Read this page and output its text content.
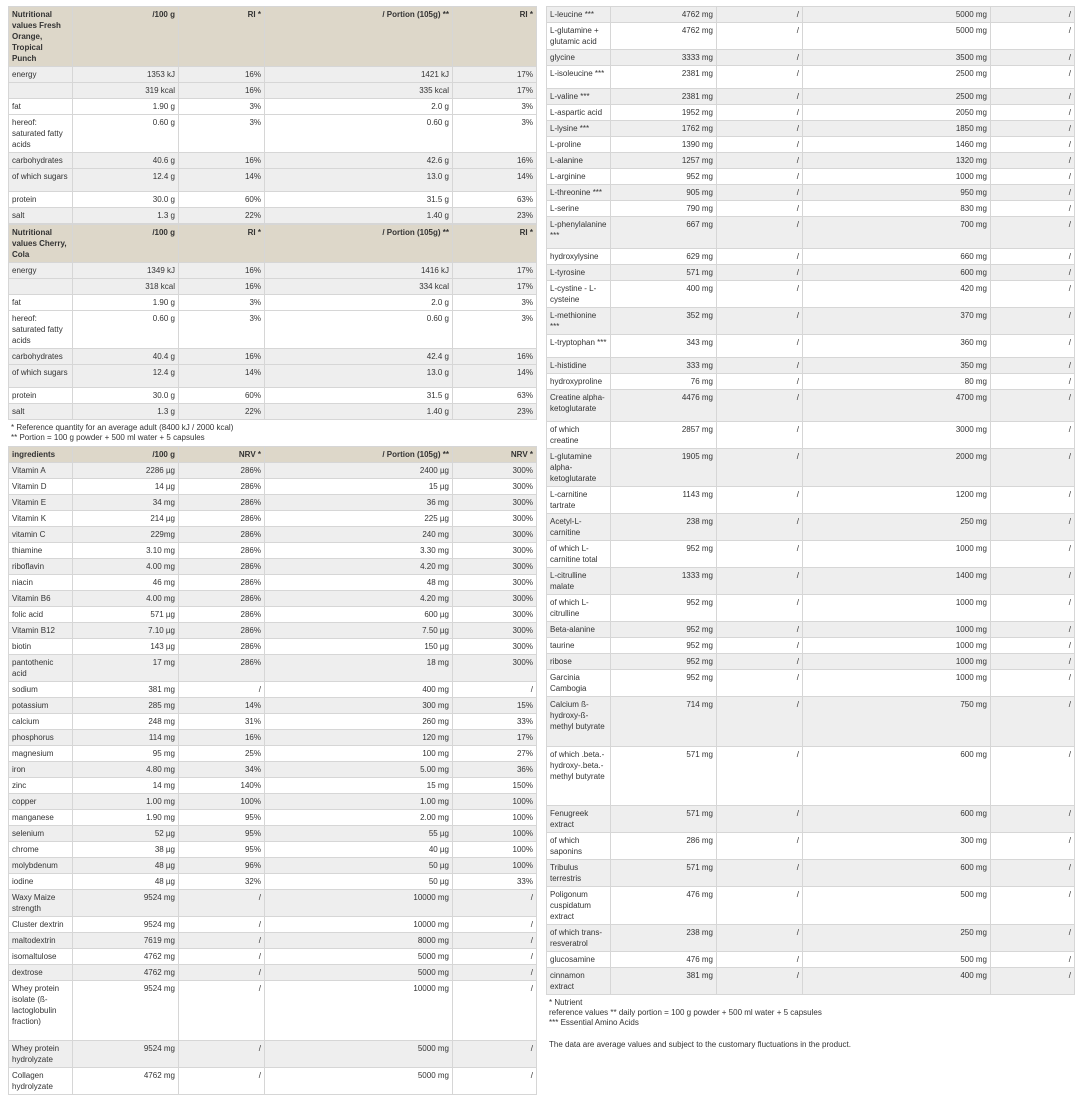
Nutritional values Fresh Orange, Tropical Punch	/100 g	RI *	/ Portion (105g) **	RI *
energy	1353 kJ	16%	1421 kJ	17%
	319 kcal	16%	335 kcal	17%
fat	1.90 g	3%	2.0 g	3%
hereof: saturated fatty acids	0.60 g	3%	0.60 g	3%
carbohydrates	40.6 g	16%	42.6 g	16%
of which sugars	12.4 g	14%	13.0 g	14%
protein	30.0 g	60%	31.5 g	63%
salt	1.3 g	22%	1.40 g	23%
Nutritional values Cherry, Cola	/100 g	RI *	/ Portion (105g) **	RI *
energy	1349 kJ	16%	1416 kJ	17%
	318 kcal	16%	334 kcal	17%
fat	1.90 g	3%	2.0 g	3%
hereof: saturated fatty acids	0.60 g	3%	0.60 g	3%
carbohydrates	40.4 g	16%	42.4 g	16%
of which sugars	12.4 g	14%	13.0 g	14%
protein	30.0 g	60%	31.5 g	63%
salt	1.3 g	22%	1.40 g	23%
* Reference quantity for an average adult (8400 kJ / 2000 kcal)
** Portion = 100 g powder + 500 ml water + 5 capsules
ingredients	/100 g	NRV *	/ Portion (105g) **	NRV *
Vitamin A	2286 µg	286%	2400 µg	300%
Vitamin D	14 µg	286%	15 µg	300%
Vitamin E	34 mg	286%	36 mg	300%
Vitamin K	214 µg	286%	225 µg	300%
vitamin C	229mg	286%	240 mg	300%
thiamine	3.10 mg	286%	3.30 mg	300%
riboflavin	4.00 mg	286%	4.20 mg	300%
niacin	46 mg	286%	48 mg	300%
Vitamin B6	4.00 mg	286%	4.20 mg	300%
folic acid	571 µg	286%	600 µg	300%
Vitamin B12	7.10 µg	286%	7.50 µg	300%
biotin	143 µg	286%	150 µg	300%
pantothenic acid	17 mg	286%	18 mg	300%
sodium	381 mg	/	400 mg	/
potassium	285 mg	14%	300 mg	15%
calcium	248 mg	31%	260 mg	33%
phosphorus	114 mg	16%	120 mg	17%
magnesium	95 mg	25%	100 mg	27%
iron	4.80 mg	34%	5.00 mg	36%
zinc	14 mg	140%	15 mg	150%
copper	1.00 mg	100%	1.00 mg	100%
manganese	1.90 mg	95%	2.00 mg	100%
selenium	52 µg	95%	55 µg	100%
chrome	38 µg	95%	40 µg	100%
molybdenum	48 µg	96%	50 µg	100%
iodine	48 µg	32%	50 µg	33%
Waxy Maize strength	9524 mg	/	10000 mg	/
Cluster dextrin	9524 mg	/	10000 mg	/
maltodextrin	7619 mg	/	8000 mg	/
isomaltulose	4762 mg	/	5000 mg	/
dextrose	4762 mg	/	5000 mg	/
Whey protein isolate (ß-lactoglobulin fraction)	9524 mg	/	10000 mg	/
Whey protein hydrolyzate	9524 mg	/	5000 mg	/
Collagen hydrolyzate	4762 mg	/	5000 mg	/
L-leucine ***	4762 mg	/	5000 mg	/
L-glutamine + glutamic acid	4762 mg	/	5000 mg	/
glycine	3333 mg	/	3500 mg	/
L-isoleucine ***	2381 mg	/	2500 mg	/
L-valine ***	2381 mg	/	2500 mg	/
L-aspartic acid	1952 mg	/	2050 mg	/
L-lysine ***	1762 mg	/	1850 mg	/
L-proline	1390 mg	/	1460 mg	/
L-alanine	1257 mg	/	1320 mg	/
L-arginine	952 mg	/	1000 mg	/
L-threonine ***	905 mg	/	950 mg	/
L-serine	790 mg	/	830 mg	/
L-phenylalanine ***	667 mg	/	700 mg	/
hydroxylysine	629 mg	/	660 mg	/
L-tyrosine	571 mg	/	600 mg	/
L-cystine - L-cysteine	400 mg	/	420 mg	/
L-methionine ***	352 mg	/	370 mg	/
L-tryptophan ***	343 mg	/	360 mg	/
L-histidine	333 mg	/	350 mg	/
hydroxyproline	76 mg	/	80 mg	/
Creatine alpha-ketoglutarate	4476 mg	/	4700 mg	/
of which creatine	2857 mg	/	3000 mg	/
L-glutamine alpha-ketoglutarate	1905 mg	/	2000 mg	/
L-carnitine tartrate	1143 mg	/	1200 mg	/
Acetyl-L-carnitine	238 mg	/	250 mg	/
of which L-carnitine total	952 mg	/	1000 mg	/
L-citrulline malate	1333 mg	/	1400 mg	/
of which L-citrulline	952 mg	/	1000 mg	/
Beta-alanine	952 mg	/	1000 mg	/
taurine	952 mg	/	1000 mg	/
ribose	952 mg	/	1000 mg	/
Garcinia Cambogia	952 mg	/	1000 mg	/
Calcium ß-hydroxy-ß-methyl butyrate	714 mg	/	750 mg	/
of which .beta.-hydroxy-.beta.-methyl butyrate	571 mg	/	600 mg	/
Fenugreek extract	571 mg	/	600 mg	/
of which saponins	286 mg	/	300 mg	/
Tribulus terrestris	571 mg	/	600 mg	/
Poligonum cuspidatum extract	476 mg	/	500 mg	/
of which trans-resveratrol	238 mg	/	250 mg	/
glucosamine	476 mg	/	500 mg	/
cinnamon extract	381 mg	/	400 mg	/
* Nutrient
reference values ** daily portion = 100 g powder + 500 ml water + 5 capsules
*** Essential Amino Acids
The data are average values and subject to the customary fluctuations in the product.
